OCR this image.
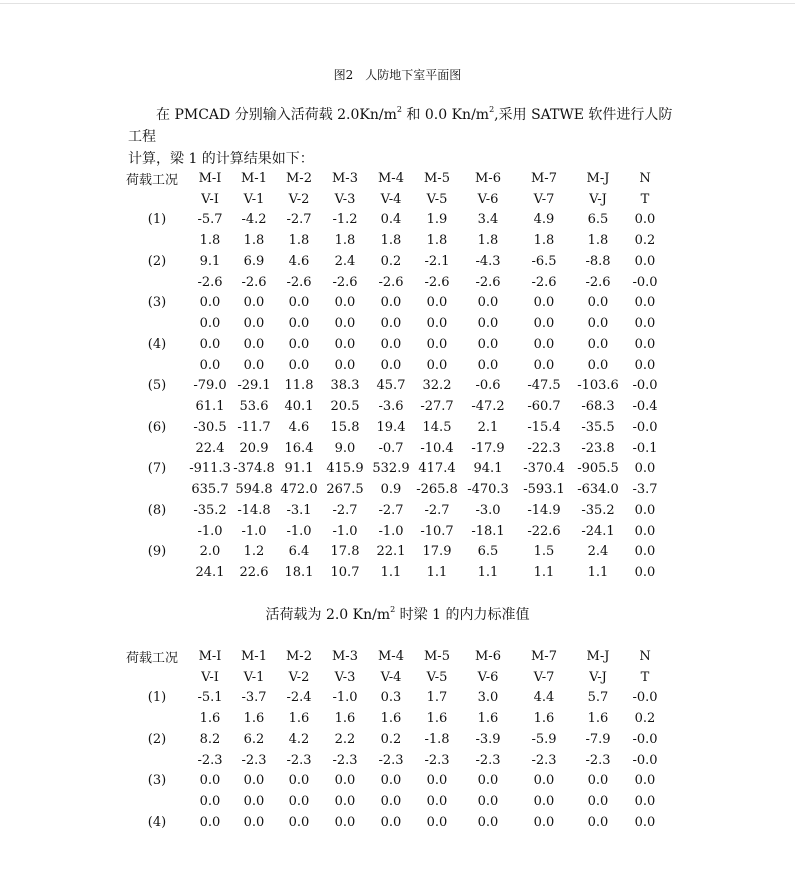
图2　人防地下室平面图
在 PMCAD 分别输入活荷载 $2.0Kn/m^2$ 和 0.0 $Kn/m^2$,采用 SATWE 软件进行人防工程
计算，梁 1 的计算结果如下：
荷载工况	M-I	M-1	M-2	M-3	M-4	M-5	M-6	M-7	M-J	N
	V-I	V-1	V-2	V-3	V-4	V-5	V-6	V-7	V-J	T
(1)	-5.7	-4.2	-2.7	-1.2	0.4	1.9	3.4	4.9	6.5	0.0
	1.8	1.8	1.8	1.8	1.8	1.8	1.8	1.8	1.8	0.2
(2)	9.1	6.9	4.6	2.4	0.2	-2.1	-4.3	-6.5	-8.8	0.0
	-2.6	-2.6	-2.6	-2.6	-2.6	-2.6	-2.6	-2.6	-2.6	-0.0
(3)	0.0	0.0	0.0	0.0	0.0	0.0	0.0	0.0	0.0	0.0
	0.0	0.0	0.0	0.0	0.0	0.0	0.0	0.0	0.0	0.0
(4)	0.0	0.0	0.0	0.0	0.0	0.0	0.0	0.0	0.0	0.0
	0.0	0.0	0.0	0.0	0.0	0.0	0.0	0.0	0.0	0.0
(5)	-79.0	-29.1	11.8	38.3	45.7	32.2	-0.6	-47.5	-103.6	-0.0
	61.1	53.6	40.1	20.5	-3.6	-27.7	-47.2	-60.7	-68.3	-0.4
(6)	-30.5	-11.7	4.6	15.8	19.4	14.5	2.1	-15.4	-35.5	-0.0
	22.4	20.9	16.4	9.0	-0.7	-10.4	-17.9	-22.3	-23.8	-0.1
(7)	-911.3	-374.8	91.1	415.9	532.9	417.4	94.1	-370.4	-905.5	0.0
	635.7	594.8	472.0	267.5	0.9	-265.8	-470.3	-593.1	-634.0	-3.7
(8)	-35.2	-14.8	-3.1	-2.7	-2.7	-2.7	-3.0	-14.9	-35.2	0.0
	-1.0	-1.0	-1.0	-1.0	-1.0	-10.7	-18.1	-22.6	-24.1	0.0
(9)	2.0	1.2	6.4	17.8	22.1	17.9	6.5	1.5	2.4	0.0
	24.1	22.6	18.1	10.7	1.1	1.1	1.1	1.1	1.1	0.0
活荷载为 2.0 $Kn/m^2$ 时梁 1 的内力标准值
荷载工况	M-I	M-1	M-2	M-3	M-4	M-5	M-6	M-7	M-J	N
	V-I	V-1	V-2	V-3	V-4	V-5	V-6	V-7	V-J	T
(1)	-5.1	-3.7	-2.4	-1.0	0.3	1.7	3.0	4.4	5.7	-0.0
	1.6	1.6	1.6	1.6	1.6	1.6	1.6	1.6	1.6	0.2
(2)	8.2	6.2	4.2	2.2	0.2	-1.8	-3.9	-5.9	-7.9	-0.0
	-2.3	-2.3	-2.3	-2.3	-2.3	-2.3	-2.3	-2.3	-2.3	-0.0
(3)	0.0	0.0	0.0	0.0	0.0	0.0	0.0	0.0	0.0	0.0
	0.0	0.0	0.0	0.0	0.0	0.0	0.0	0.0	0.0	0.0
(4)	0.0	0.0	0.0	0.0	0.0	0.0	0.0	0.0	0.0	0.0
